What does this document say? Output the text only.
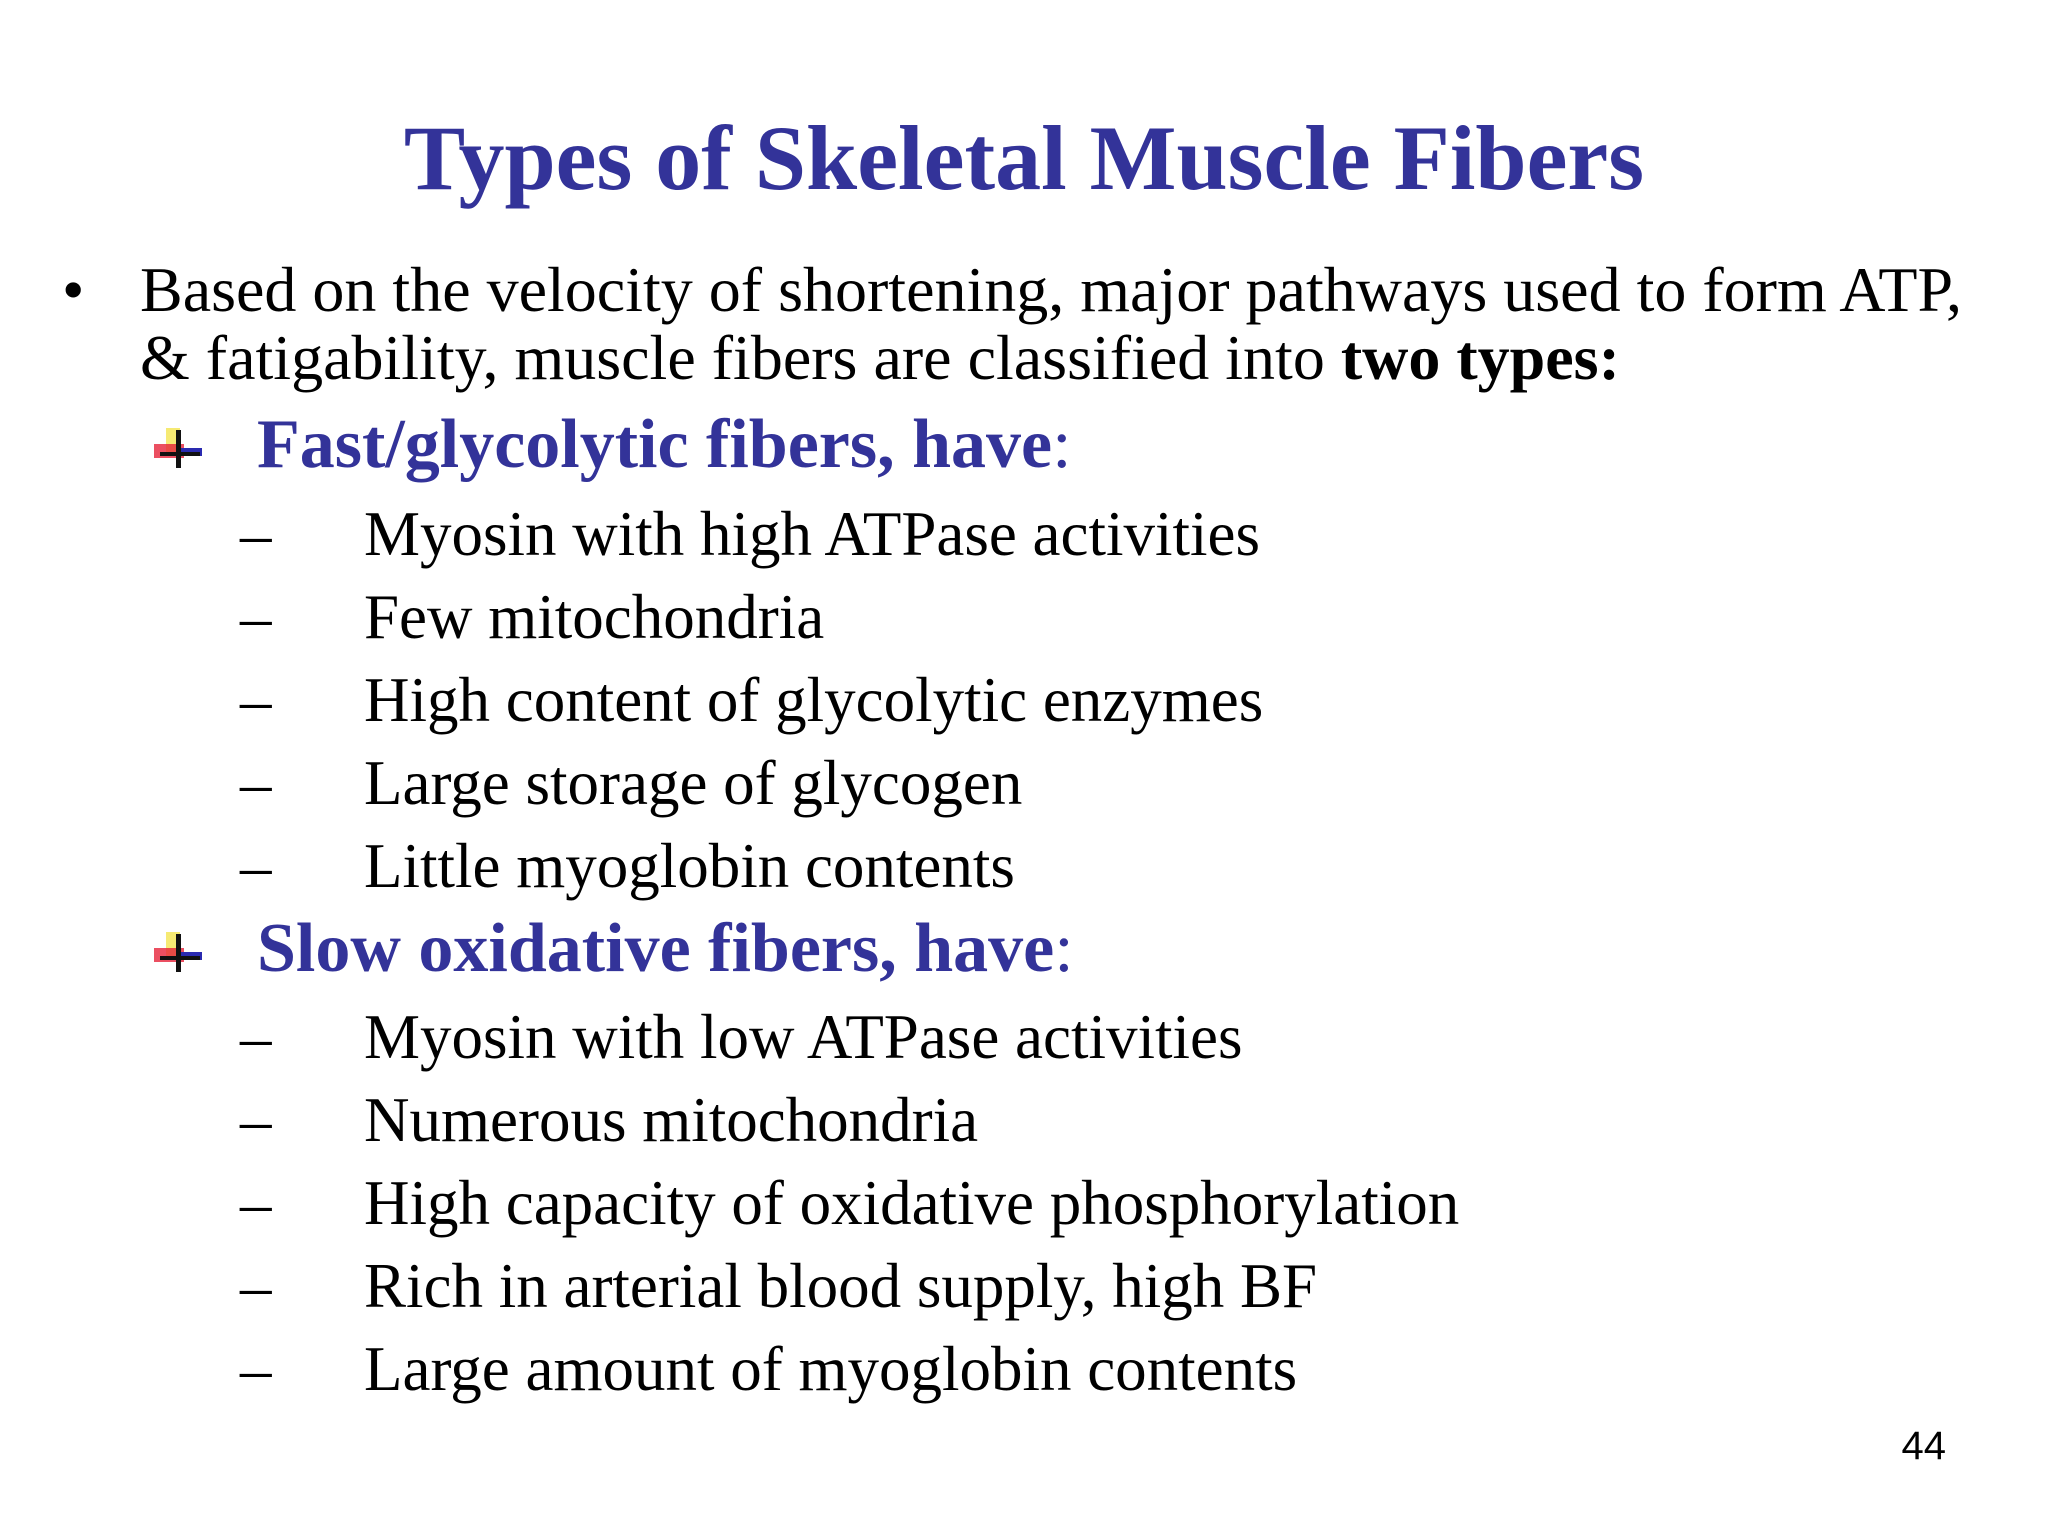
Types of Skeletal Muscle Fibers
• Based on the velocity of shortening, major pathways used to form ATP, & fatigability, muscle fibers are classified into two types:
Fast/glycolytic fibers, have:
– Myosin with high ATPase activities
– Few mitochondria
– High content of glycolytic enzymes
– Large storage of glycogen
– Little myoglobin contents
Slow oxidative fibers, have:
– Myosin with low ATPase activities
– Numerous mitochondria
– High capacity of oxidative phosphorylation
– Rich in arterial blood supply, high BF
– Large amount of myoglobin contents
44
